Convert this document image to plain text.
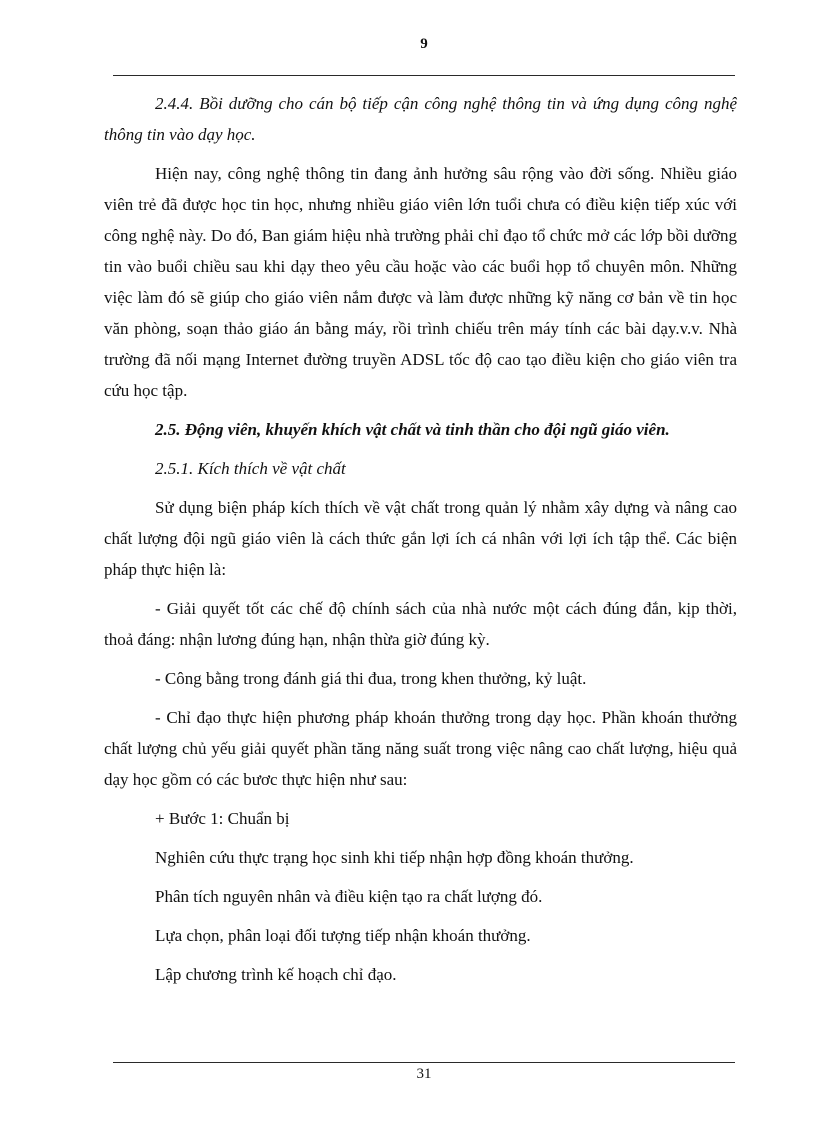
9

2.4.4. Bồi dưỡng cho cán bộ tiếp cận công nghệ thông tin và ứng dụng công nghệ thông tin vào dạy học.

Hiện nay, công nghệ thông tin đang ảnh hưởng sâu rộng vào đời sống. Nhiều giáo viên trẻ đã được học tin học, nhưng nhiều giáo viên lớn tuổi chưa có điều kiện tiếp xúc với công nghệ này. Do đó, Ban giám hiệu nhà trường phải chỉ đạo tổ chức mở các lớp bồi dưỡng tin vào buổi chiều sau khi dạy theo yêu cầu hoặc vào các buổi họp tổ chuyên môn. Những việc làm đó sẽ giúp cho giáo viên nắm được và làm được những kỹ năng cơ bản về tin học văn phòng, soạn thảo giáo án bằng máy, rồi trình chiếu trên máy tính các bài dạy.v.v. Nhà trường đã nối mạng Internet đường truyền ADSL tốc độ cao tạo điều kiện cho giáo viên tra cứu học tập.

2.5. Động viên, khuyến khích vật chất và tinh thần cho đội ngũ giáo viên.

2.5.1. Kích thích về vật chất

Sử dụng biện pháp kích thích về vật chất trong quản lý nhằm xây dựng và nâng cao chất lượng đội ngũ giáo viên là cách thức gắn lợi ích cá nhân với lợi ích tập thể. Các biện pháp thực hiện là:

- Giải quyết tốt các chế độ chính sách của nhà nước một cách đúng đắn, kịp thời, thoả đáng: nhận lương đúng hạn, nhận thừa giờ đúng kỳ.

- Công bằng trong đánh giá thi đua, trong khen thưởng, kỷ luật.

- Chỉ đạo thực hiện phương pháp khoán thưởng trong dạy học. Phần khoán thưởng chất lượng chủ yếu giải quyết phần tăng năng suất trong việc nâng cao chất lượng, hiệu quả dạy học gồm có các bươc thực hiện như sau:

+ Bước 1: Chuẩn bị

Nghiên cứu thực trạng học sinh khi tiếp nhận hợp đồng khoán thưởng.

Phân tích nguyên nhân và điều kiện tạo ra chất lượng đó.

Lựa chọn, phân loại đối tượng tiếp nhận khoán thưởng.

Lập chương trình kế hoạch chỉ đạo.

31
